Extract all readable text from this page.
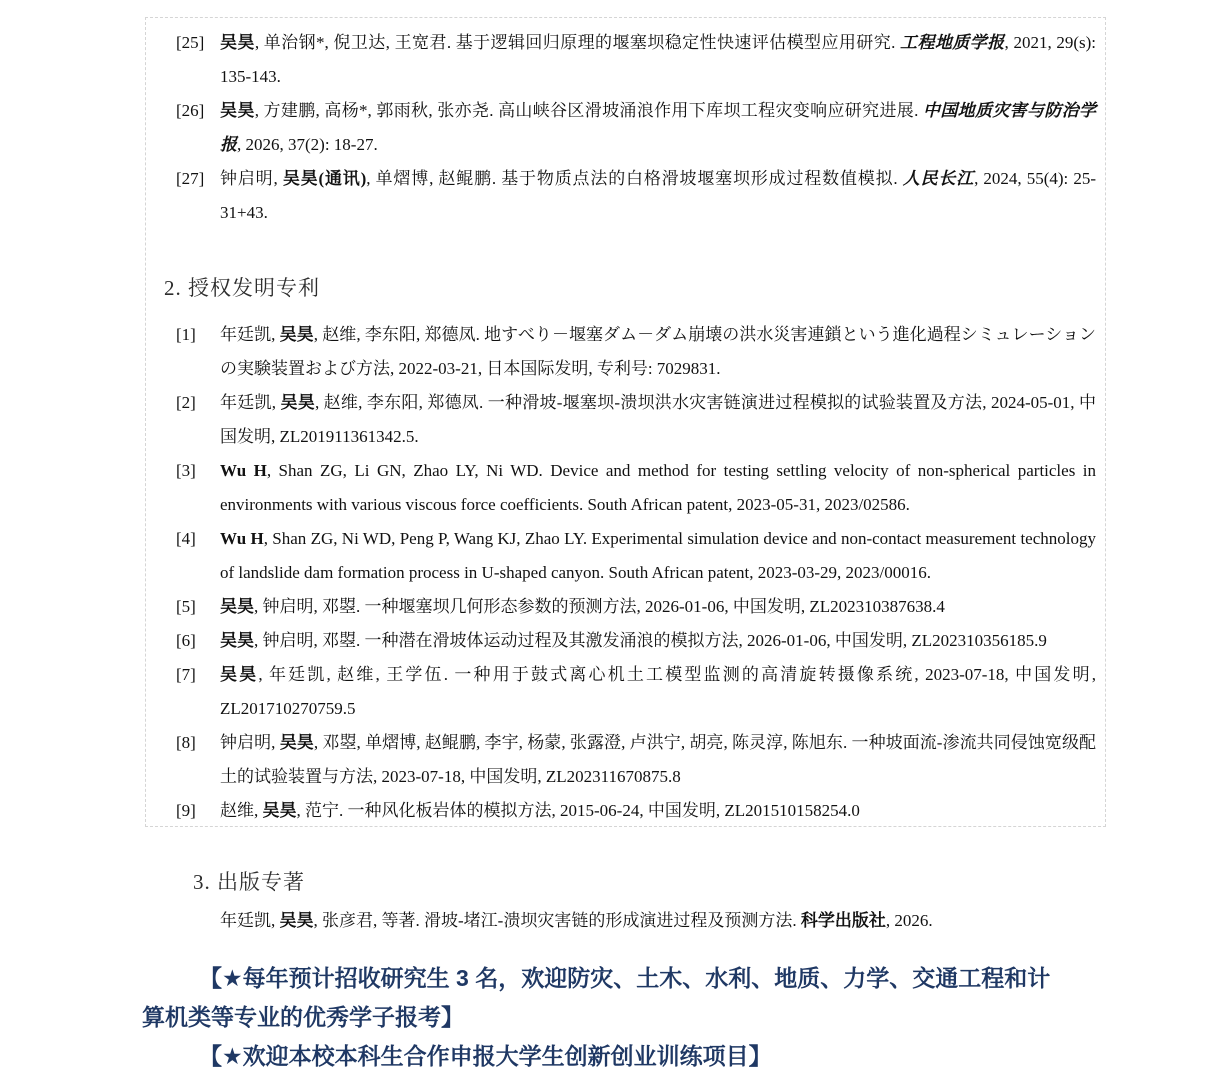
[25] 吴昊, 单治钢*, 倪卫达, 王宽君. 基于逻辑回归原理的堰塞坝稳定性快速评估模型应用研究. 工程地质学报, 2021, 29(s): 135-143.
[26] 吴昊, 方建鹏, 高杨*, 郭雨秋, 张亦尧. 高山峡谷区滑坡涌浪作用下库坝工程灾变响应研究进展. 中国地质灾害与防治学报, 2026, 37(2): 18-27.
[27] 钟启明, 吴昊(通讯), 单熠博, 赵鲲鹏. 基于物质点法的白格滑坡堰塞坝形成过程数值模拟. 人民长江, 2024, 55(4): 25-31+43.
2. 授权发明专利
[1] 年廷凯, 吴昊, 赵维, 李东阳, 郑德凤. 地すべり－堰塞ダム－ダム崩壊の洪水災害連鎖という進化過程シミュレーションの実験装置および方法, 2022-03-21, 日本国际发明, 专利号: 7029831.
[2] 年廷凯, 吴昊, 赵维, 李东阳, 郑德凤. 一种滑坡-堰塞坝-溃坝洪水灾害链演进过程模拟的试验装置及方法, 2024-05-01, 中国发明, ZL201911361342.5.
[3] Wu H, Shan ZG, Li GN, Zhao LY, Ni WD. Device and method for testing settling velocity of non-spherical particles in environments with various viscous force coefficients. South African patent, 2023-05-31, 2023/02586.
[4] Wu H, Shan ZG, Ni WD, Peng P, Wang KJ, Zhao LY. Experimental simulation device and non-contact measurement technology of landslide dam formation process in U-shaped canyon. South African patent, 2023-03-29, 2023/00016.
[5] 吴昊, 钟启明, 邓曌. 一种堰塞坝几何形态参数的预测方法, 2026-01-06, 中国发明, ZL202310387638.4
[6] 吴昊, 钟启明, 邓曌. 一种潜在滑坡体运动过程及其激发涌浪的模拟方法, 2026-01-06, 中国发明, ZL202310356185.9
[7] 吴昊, 年廷凯, 赵维, 王学伍. 一种用于鼓式离心机土工模型监测的高清旋转摄像系统, 2023-07-18, 中国发明, ZL201710270759.5
[8] 钟启明, 吴昊, 邓曌, 单熠博, 赵鲲鹏, 李宇, 杨蒙, 张露澄, 卢洪宁, 胡亮, 陈灵淳, 陈旭东. 一种坡面流-渗流共同侵蚀宽级配土的试验装置与方法, 2023-07-18, 中国发明, ZL202311670875.8
[9] 赵维, 吴昊, 范宁. 一种风化板岩体的模拟方法, 2015-06-24, 中国发明, ZL201510158254.0
3. 出版专著
年廷凯, 吴昊, 张彦君, 等著. 滑坡-堵江-溃坝灾害链的形成演进过程及预测方法. 科学出版社, 2026.
【★每年预计招收研究生 3 名，欢迎防灾、土木、水利、地质、力学、交通工程和计
算机类等专业的优秀学子报考】
【★欢迎本校本科生合作申报大学生创新创业训练项目】
